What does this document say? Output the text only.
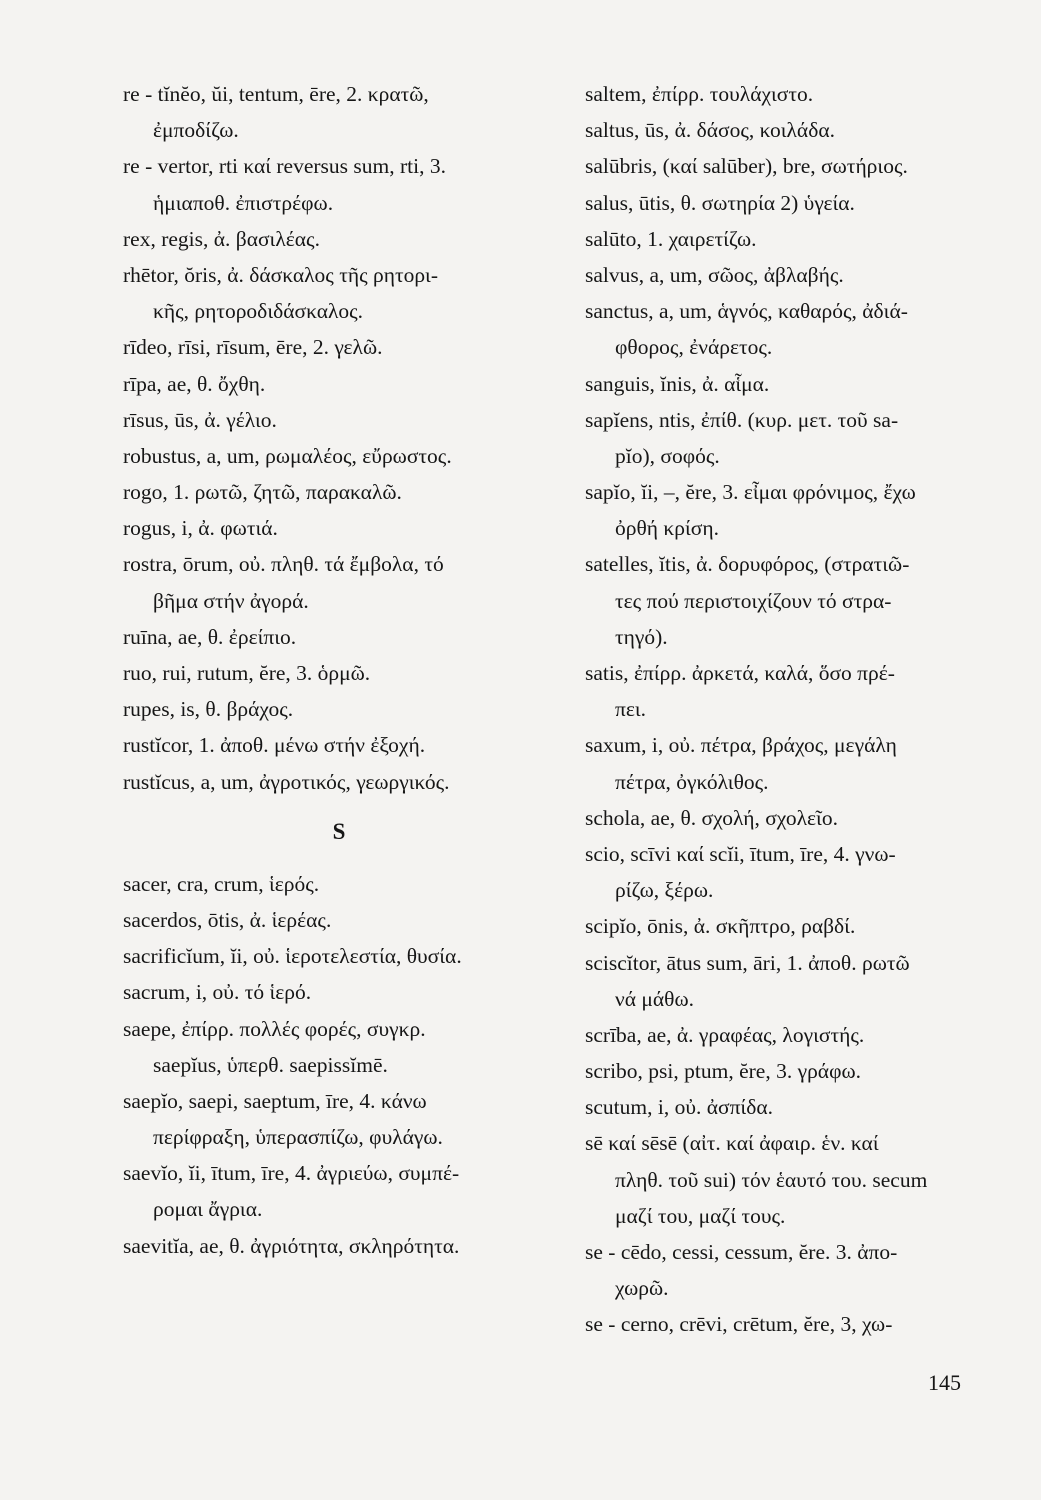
re - tĭnĕo, ŭi, tentum, ēre, 2. κρατῶ,
ἐμποδίζω.
re - vertor, rti καί reversus sum, rti, 3.
ἡμιαποθ. ἐπιστρέφω.
rex, regis, ἀ. βασιλέας.
rhētor, ŏris, ἀ. δάσκαλος τῆς ρητορι-
κῆς, ρητοροδιδάσκαλος.
rīdeo, rīsi, rīsum, ēre, 2. γελῶ.
rīpa, ae, θ. ὄχθη.
rīsus, ūs, ἀ. γέλιο.
robustus, a, um, ρωμαλέος, εὔρωστος.
rogo, 1. ρωτῶ, ζητῶ, παρακαλῶ.
rogus, i, ἀ. φωτιά.
rostra, ōrum, οὐ. πληθ. τά ἔμβολα, τό
βῆμα στήν ἀγορά.
ruīna, ae, θ. ἐρείπιο.
ruo, rui, rutum, ĕre, 3. ὁρμῶ.
rupes, is, θ. βράχος.
rustĭcor, 1. ἀποθ. μένω στήν ἐξοχή.
rustĭcus, a, um, ἀγροτικός, γεωργικός.
S
sacer, cra, crum, ἱερός.
sacerdos, ōtis, ἀ. ἱερέας.
sacrificĭum, ĭi, οὐ. ἱεροτελεστία, θυσία.
sacrum, i, οὐ. τό ἱερό.
saepe, ἐπίρρ. πολλές φορές, συγκρ.
saepĭus, ὑπερθ. saepissĭmē.
saepĭo, saepi, saeptum, īre, 4. κάνω
περίφραξη, ὑπερασπίζω, φυλάγω.
saevĭo, ĭi, ītum, īre, 4. ἀγριεύω, συμπέ-
ρομαι ἄγρια.
saevitĭa, ae, θ. ἀγριότητα, σκληρότητα.
saltem, ἐπίρρ. τουλάχιστο.
saltus, ūs, ἀ. δάσος, κοιλάδα.
salūbris, (καί salūber), bre, σωτήριος.
salus, ūtis, θ. σωτηρία 2) ὑγεία.
salūto, 1. χαιρετίζω.
salvus, a, um, σῶος, ἀβλαβής.
sanctus, a, um, ἁγνός, καθαρός, ἀδιά-
φθορος, ἐνάρετος.
sanguis, ĭnis, ἀ. αἷμα.
sapĭens, ntis, ἐπίθ. (κυρ. μετ. τοῦ sa-
pĭo), σοφός.
sapĭo, ĭi, –, ĕre, 3. εἶμαι φρόνιμος, ἔχω
ὀρθή κρίση.
satelles, ĭtis, ἀ. δορυφόρος, (στρατιῶ-
τες πού περιστοιχίζουν τό στρα-
τηγό).
satis, ἐπίρρ. ἀρκετά, καλά, ὅσο πρέ-
πει.
saxum, i, οὐ. πέτρα, βράχος, μεγάλη
πέτρα, ὀγκόλιθος.
schola, ae, θ. σχολή, σχολεῖο.
scio, scīvi καί scĭi, ītum, īre, 4. γνω-
ρίζω, ξέρω.
scipĭo, ōnis, ἀ. σκῆπτρο, ραβδί.
sciscĭtor, ātus sum, āri, 1. ἀποθ. ρωτῶ
νά μάθω.
scrība, ae, ἀ. γραφέας, λογιστής.
scribo, psi, ptum, ĕre, 3. γράφω.
scutum, i, οὐ. ἀσπίδα.
sē καί sēsē (αἰτ. καί ἀφαιρ. ἑν. καί
πληθ. τοῦ sui) τόν ἑαυτό του. secum
μαζί του, μαζί τους.
se - cēdo, cessi, cessum, ĕre. 3. ἀπο-
χωρῶ.
se - cerno, crēvi, crētum, ĕre, 3, χω-
145
